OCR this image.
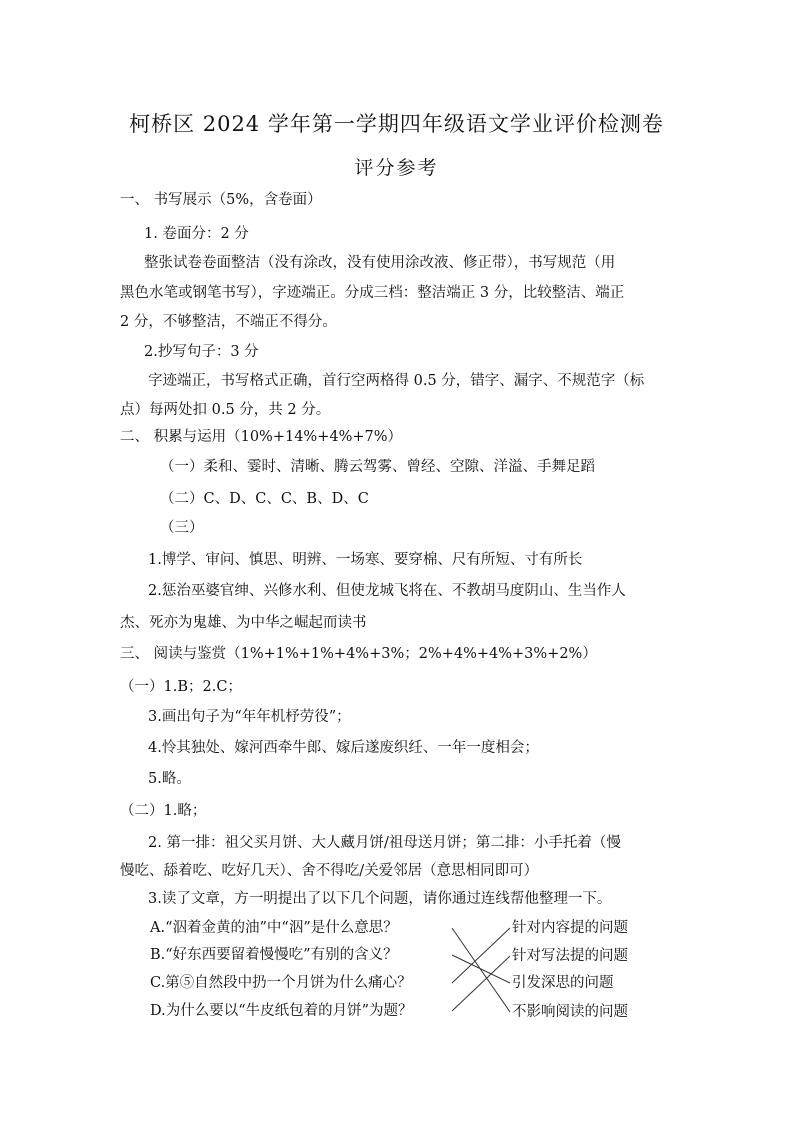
柯桥区 2024 学年第一学期四年级语文学业评价检测卷
评分参考
一、 书写展示（5%，含卷面）
1. 卷面分：2 分
整张试卷卷面整洁（没有涂改，没有使用涂改液、修正带），书写规范（用
黑色水笔或钢笔书写），字迹端正。分成三档：整洁端正 3 分，比较整洁、端正
2 分，不够整洁，不端正不得分。
2.抄写句子：3 分
字迹端正，书写格式正确，首行空两格得 0.5 分，错字、漏字、不规范字（标
点）每两处扣 0.5 分，共 2 分。
二、 积累与运用（10%+14%+4%+7%）
（一）柔和、霎时、清晰、腾云驾雾、曾经、空隙、洋溢、手舞足蹈
（二）C、D、C、C、B、D、C
（三）
1.博学、审问、慎思、明辨、一场寒、要穿棉、尺有所短、寸有所长
2.惩治巫婆官绅、兴修水利、但使龙城飞将在、不教胡马度阴山、生当作人
杰、死亦为鬼雄、为中华之崛起而读书
三、 阅读与鉴赏（1%+1%+1%+4%+3%；2%+4%+4%+3%+2%）
（一）1.B；2.C；
3.画出句子为“年年机杼劳役”；
4.怜其独处、嫁河西牵牛郎、嫁后遂废织纴、一年一度相会；
5.略。
（二）1.略；
2. 第一排：祖父买月饼、大人藏月饼/祖母送月饼；第二排：小手托着（慢
慢吃、舔着吃、吃好几天）、舍不得吃/关爱邻居（意思相同即可）
3.读了文章，方一明提出了以下几个问题，请你通过连线帮他整理一下。
A.“泅着金黄的油”中“泅”是什么意思？
B.“好东西要留着慢慢吃”有别的含义？
C.第⑤自然段中扔一个月饼为什么痛心？
D.为什么要以“牛皮纸包着的月饼”为题？
针对内容提的问题
针对写法提的问题
引发深思的问题
不影响阅读的问题
